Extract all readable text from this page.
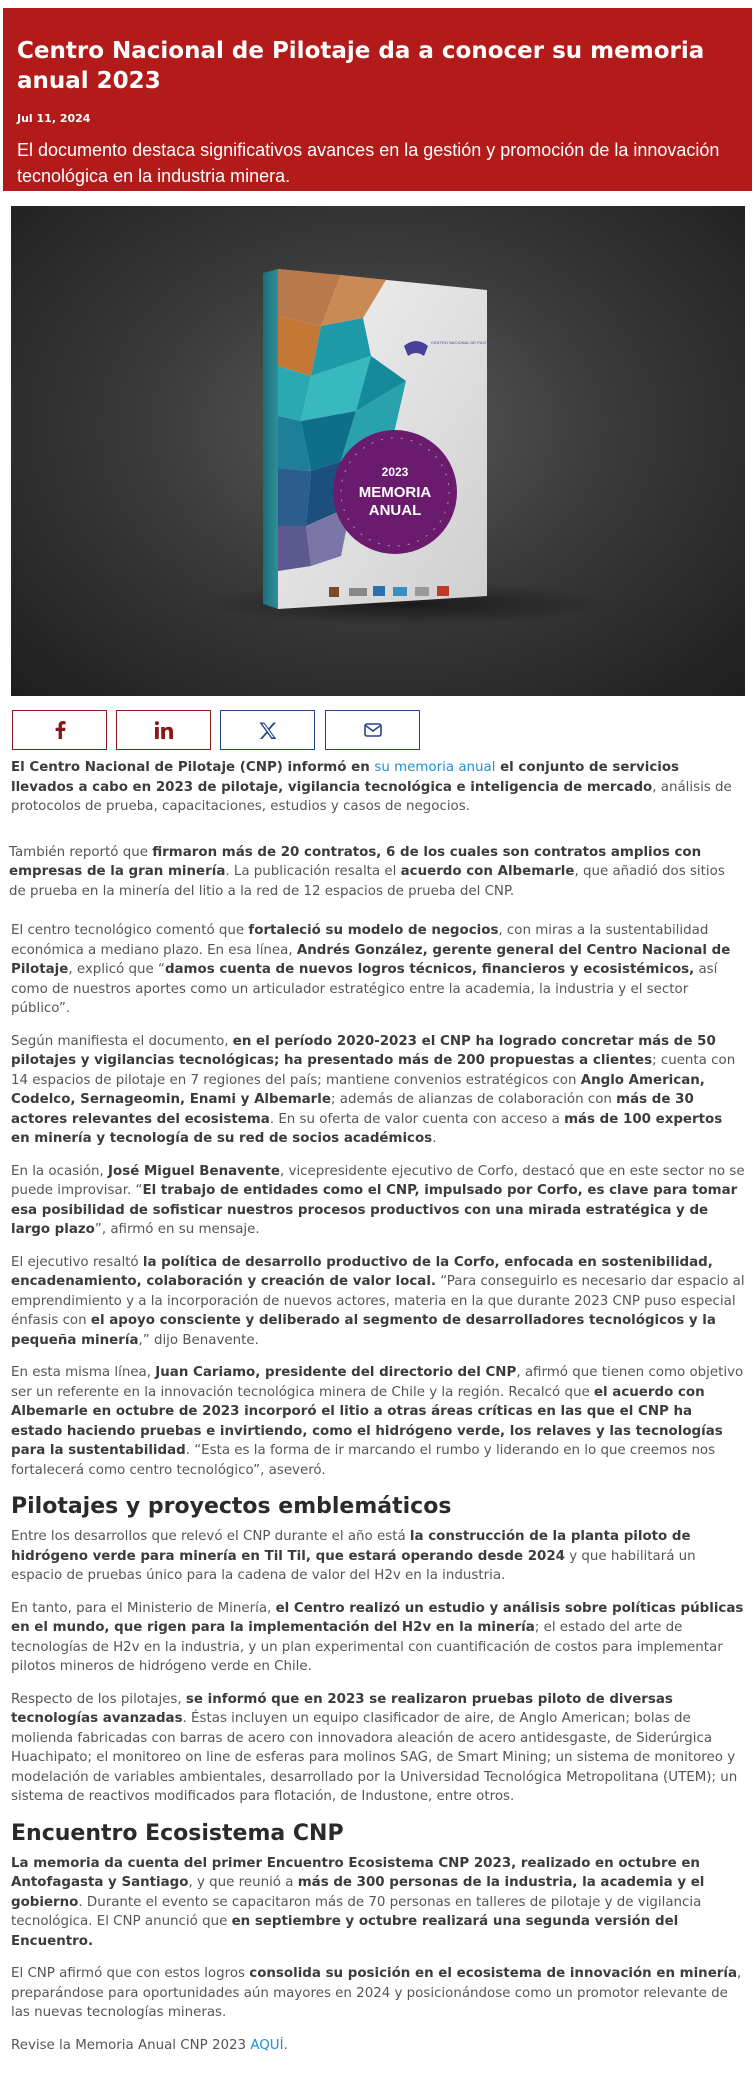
Centro Nacional de Pilotaje da a conocer su memoria anual 2023
Jul 11, 2024
El documento destaca significativos avances en la gestión y promoción de la innovación tecnológica en la industria minera.
2023
MEMORIA
ANUAL
CENTRO NACIONAL DE PILOTAJE

El Centro Nacional de Pilotaje (CNP) informó en su memoria anual el conjunto de servicios llevados a cabo en 2023 de pilotaje, vigilancia tecnológica e inteligencia de mercado, análisis de protocolos de prueba, capacitaciones, estudios y casos de negocios.

También reportó que firmaron más de 20 contratos, 6 de los cuales son contratos amplios con empresas de la gran minería. La publicación resalta el acuerdo con Albemarle, que añadió dos sitios de prueba en la minería del litio a la red de 12 espacios de prueba del CNP.

El centro tecnológico comentó que fortaleció su modelo de negocios, con miras a la sustentabilidad económica a mediano plazo. En esa línea, Andrés González, gerente general del Centro Nacional de Pilotaje, explicó que “damos cuenta de nuevos logros técnicos, financieros y ecosistémicos, así como de nuestros aportes como un articulador estratégico entre la academia, la industria y el sector público”.

Según manifiesta el documento, en el período 2020-2023 el CNP ha logrado concretar más de 50 pilotajes y vigilancias tecnológicas; ha presentado más de 200 propuestas a clientes; cuenta con 14 espacios de pilotaje en 7 regiones del país; mantiene convenios estratégicos con Anglo American, Codelco, Sernageomin, Enami y Albemarle; además de alianzas de colaboración con más de 30 actores relevantes del ecosistema. En su oferta de valor cuenta con acceso a más de 100 expertos en minería y tecnología de su red de socios académicos.

En la ocasión, José Miguel Benavente, vicepresidente ejecutivo de Corfo, destacó que en este sector no se puede improvisar. “El trabajo de entidades como el CNP, impulsado por Corfo, es clave para tomar esa posibilidad de sofisticar nuestros procesos productivos con una mirada estratégica y de largo plazo”, afirmó en su mensaje.

El ejecutivo resaltó la política de desarrollo productivo de la Corfo, enfocada en sostenibilidad, encadenamiento, colaboración y creación de valor local. “Para conseguirlo es necesario dar espacio al emprendimiento y a la incorporación de nuevos actores, materia en la que durante 2023 CNP puso especial énfasis con el apoyo consciente y deliberado al segmento de desarrolladores tecnológicos y la pequeña minería,” dijo Benavente.

En esta misma línea, Juan Cariamo, presidente del directorio del CNP, afirmó que tienen como objetivo ser un referente en la innovación tecnológica minera de Chile y la región. Recalcó que el acuerdo con Albemarle en octubre de 2023 incorporó el litio a otras áreas críticas en las que el CNP ha estado haciendo pruebas e invirtiendo, como el hidrógeno verde, los relaves y las tecnologías para la sustentabilidad. “Esta es la forma de ir marcando el rumbo y liderando en lo que creemos nos fortalecerá como centro tecnológico”, aseveró.

Pilotajes y proyectos emblemáticos

Entre los desarrollos que relevó el CNP durante el año está la construcción de la planta piloto de hidrógeno verde para minería en Til Til, que estará operando desde 2024 y que habilitará un espacio de pruebas único para la cadena de valor del H2v en la industria.

En tanto, para el Ministerio de Minería, el Centro realizó un estudio y análisis sobre políticas públicas en el mundo, que rigen para la implementación del H2v en la minería; el estado del arte de tecnologías de H2v en la industria, y un plan experimental con cuantificación de costos para implementar pilotos mineros de hidrógeno verde en Chile.

Respecto de los pilotajes, se informó que en 2023 se realizaron pruebas piloto de diversas tecnologías avanzadas. Éstas incluyen un equipo clasificador de aire, de Anglo American; bolas de molienda fabricadas con barras de acero con innovadora aleación de acero antidesgaste, de Siderúrgica Huachipato; el monitoreo on line de esferas para molinos SAG, de Smart Mining; un sistema de monitoreo y modelación de variables ambientales, desarrollado por la Universidad Tecnológica Metropolitana (UTEM); un sistema de reactivos modificados para flotación, de Industone, entre otros.

Encuentro Ecosistema CNP

La memoria da cuenta del primer Encuentro Ecosistema CNP 2023, realizado en octubre en Antofagasta y Santiago, y que reunió a más de 300 personas de la industria, la academia y el gobierno. Durante el evento se capacitaron más de 70 personas en talleres de pilotaje y de vigilancia tecnológica. El CNP anunció que en septiembre y octubre realizará una segunda versión del Encuentro.

El CNP afirmó que con estos logros consolida su posición en el ecosistema de innovación en minería, preparándose para oportunidades aún mayores en 2024 y posicionándose como un promotor relevante de las nuevas tecnologías mineras.

Revise la Memoria Anual CNP 2023 AQUÍ.
